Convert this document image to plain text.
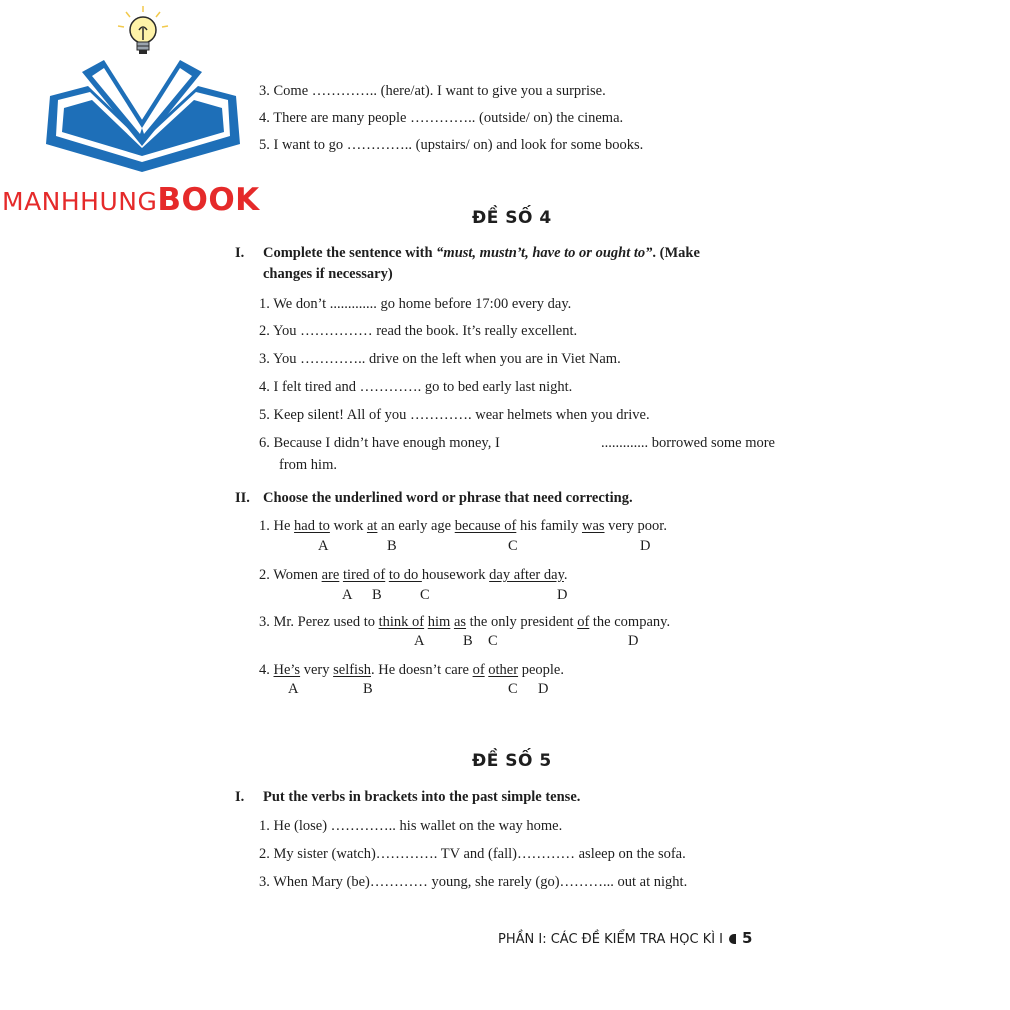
MANHHUNGBOOK
3. Come ………….. (here/at). I want to give you a surprise.
4. There are many people ………….. (outside/ on) the cinema.
5. I want to go ………….. (upstairs/ on) and look for some books.
ĐỀ SỐ 4
I. Complete the sentence with “must, mustn’t, have to or ought to”. (Make
changes if necessary)
1. We don’t ............. go home before 17:00 every day.
2. You …………… read the book. It’s really excellent.
3. You ………….. drive on the left when you are in Viet Nam.
4. I felt tired and …………. go to bed early last night.
5. Keep silent! All of you …………. wear helmets when you drive.
6. Because I didn’t have enough money, I	............. borrowed some more
from him.
II. Choose the underlined word or phrase that need correcting.
1. He had to work at an early age because of his family was very poor.
A	B	C	D
2. Women are tired of to do housework day after day.
A B	C	D
3. Mr. Perez used to think of him as the only president of the company.
A	B C	D
4. He’s very selfish. He doesn’t care of other people.
A	B	C D
ĐỀ SỐ 5
I. Put the verbs in brackets into the past simple tense.
1. He (lose) ………….. his wallet on the way home.
2. My sister (watch)…………. TV and (fall)………… asleep on the sofa.
3. When Mary (be)………… young, she rarely (go)………... out at night.
PHẦN I: CÁC ĐỀ KIỂM TRA HỌC KÌ I 5
